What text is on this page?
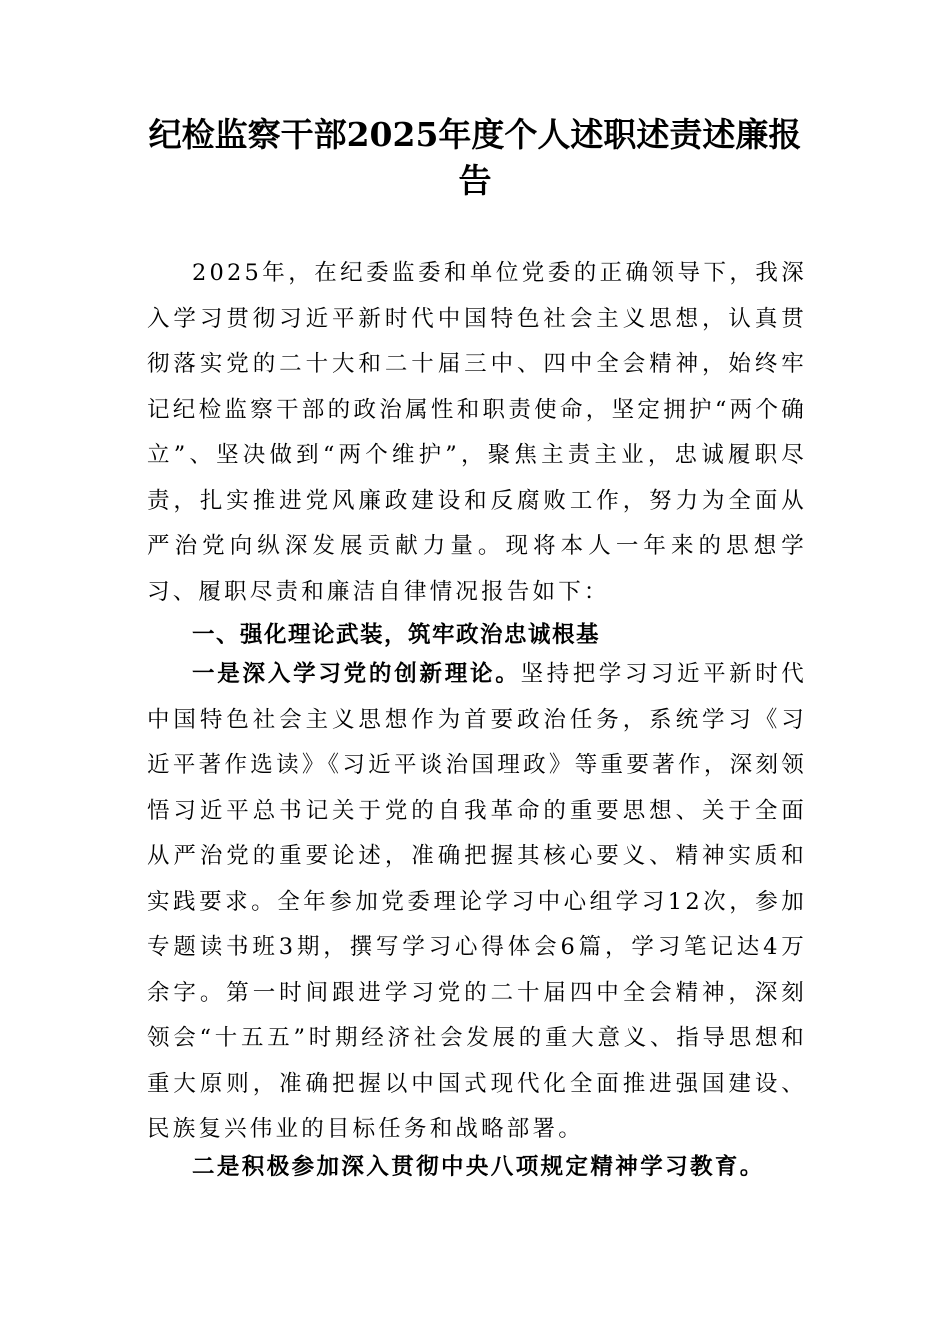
纪检监察干部2025年度个人述职述责述廉报告

2025年，在纪委监委和单位党委的正确领导下，我深入学习贯彻习近平新时代中国特色社会主义思想，认真贯彻落实党的二十大和二十届三中、四中全会精神，始终牢记纪检监察干部的政治属性和职责使命，坚定拥护“两个确立”、坚决做到“两个维护”，聚焦主责主业，忠诚履职尽责，扎实推进党风廉政建设和反腐败工作，努力为全面从严治党向纵深发展贡献力量。现将本人一年来的思想学习、履职尽责和廉洁自律情况报告如下：

一、强化理论武装，筑牢政治忠诚根基

一是深入学习党的创新理论。坚持把学习习近平新时代中国特色社会主义思想作为首要政治任务，系统学习《习近平著作选读》《习近平谈治国理政》等重要著作，深刻领悟习近平总书记关于党的自我革命的重要思想、关于全面从严治党的重要论述，准确把握其核心要义、精神实质和实践要求。全年参加党委理论学习中心组学习12次，参加专题读书班3期，撰写学习心得体会6篇，学习笔记达4万余字。第一时间跟进学习党的二十届四中全会精神，深刻领会“十五五”时期经济社会发展的重大意义、指导思想和重大原则，准确把握以中国式现代化全面推进强国建设、民族复兴伟业的目标任务和战略部署。

二是积极参加深入贯彻中央八项规定精神学习教育。
